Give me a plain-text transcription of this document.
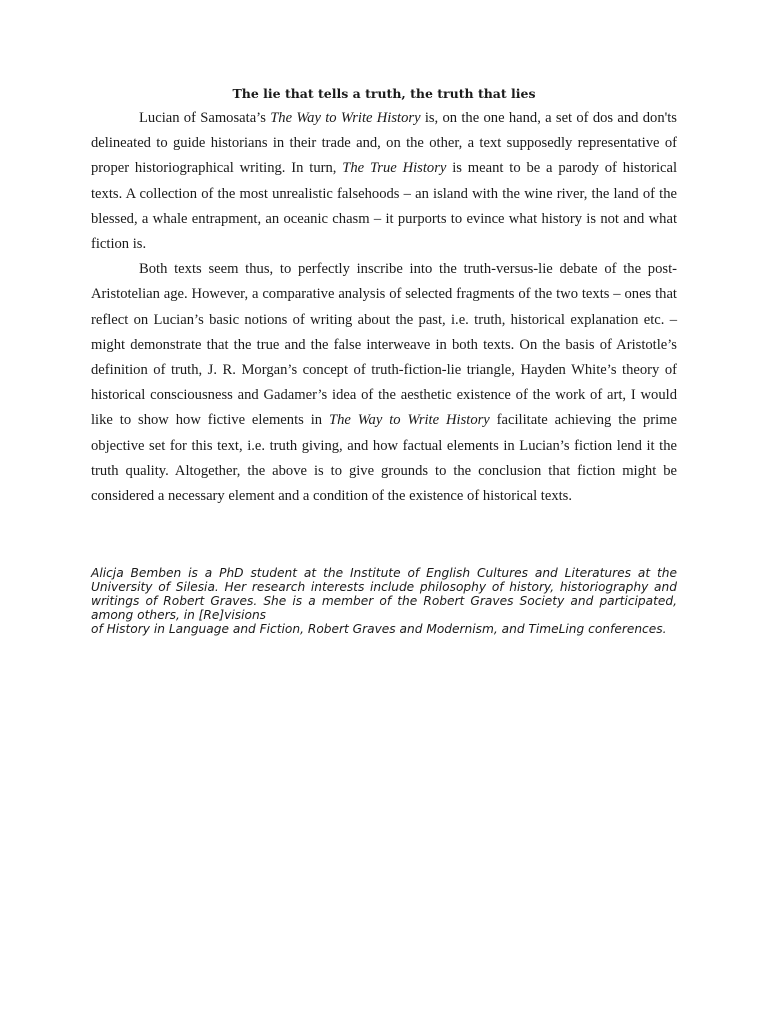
The lie that tells a truth, the truth that lies

Lucian of Samosata’s The Way to Write History is, on the one hand, a set of dos and don'ts delineated to guide historians in their trade and, on the other, a text supposedly representative of proper historiographical writing. In turn, The True History is meant to be a parody of historical texts. A collection of the most unrealistic falsehoods – an island with the wine river, the land of the blessed, a whale entrapment, an oceanic chasm – it purports to evince what history is not and what fiction is.

Both texts seem thus, to perfectly inscribe into the truth-versus-lie debate of the post-Aristotelian age. However, a comparative analysis of selected fragments of the two texts – ones that reflect on Lucian’s basic notions of writing about the past, i.e. truth, historical explanation etc. – might demonstrate that the true and the false interweave in both texts. On the basis of Aristotle’s definition of truth, J. R. Morgan’s concept of truth-fiction-lie triangle, Hayden White’s theory of historical consciousness and Gadamer’s idea of the aesthetic existence of the work of art, I would like to show how fictive elements in The Way to Write History facilitate achieving the prime objective set for this text, i.e. truth giving, and how factual elements in Lucian’s fiction lend it the truth quality. Altogether, the above is to give grounds to the conclusion that fiction might be considered a necessary element and a condition of the existence of historical texts.

Alicja Bemben is a PhD student at the Institute of English Cultures and Literatures at the University of Silesia. Her research interests include philosophy of history, historiography and writings of Robert Graves. She is a member of the Robert Graves Society and participated, among others, in [Re]visions
of History in Language and Fiction, Robert Graves and Modernism, and TimeLing conferences.
